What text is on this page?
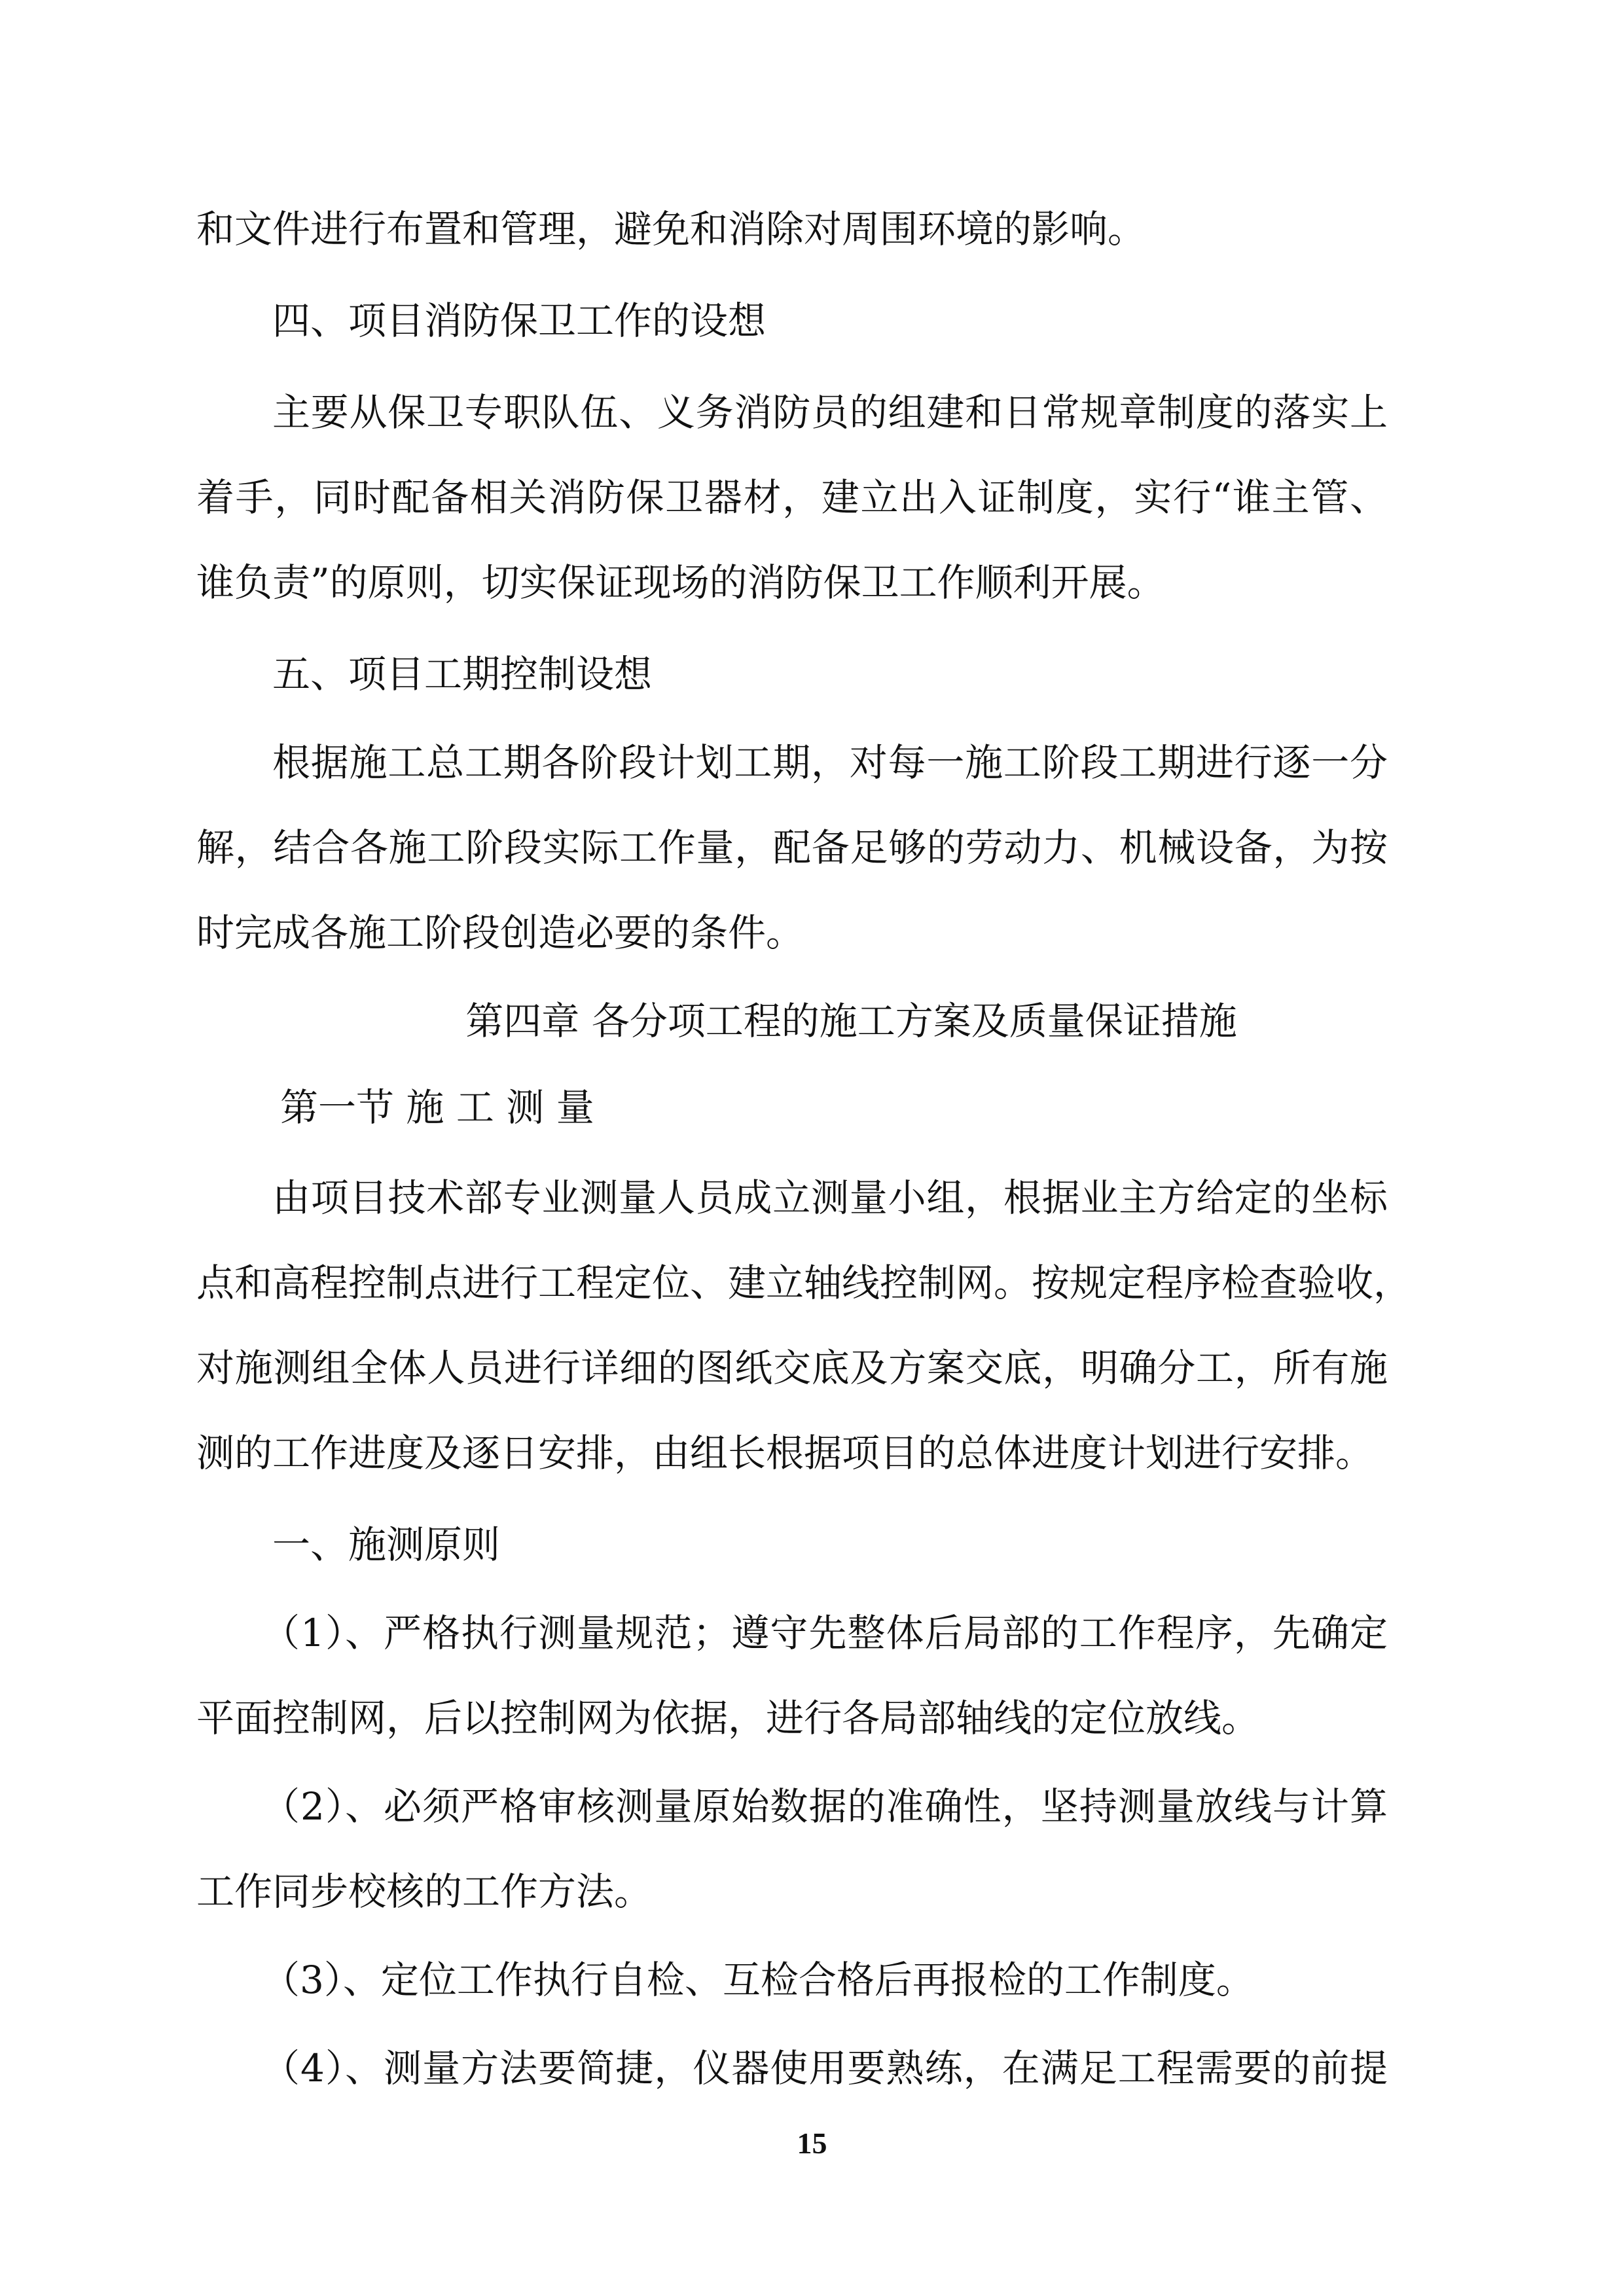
和文件进行布置和管理，避免和消除对周围环境的影响。
四、项目消防保卫工作的设想
主要从保卫专职队伍、义务消防员的组建和日常规章制度的落实上
着手，同时配备相关消防保卫器材，建立出入证制度，实行“谁主管、
谁负责”的原则，切实保证现场的消防保卫工作顺利开展。
五、项目工期控制设想
根据施工总工期各阶段计划工期，对每一施工阶段工期进行逐一分
解，结合各施工阶段实际工作量，配备足够的劳动力、机械设备，为按
时完成各施工阶段创造必要的条件。
第四章 各分项工程的施工方案及质量保证措施
第一节 施 工 测 量
由项目技术部专业测量人员成立测量小组，根据业主方给定的坐标
点和高程控制点进行工程定位、建立轴线控制网。按规定程序检查验收，
对施测组全体人员进行详细的图纸交底及方案交底，明确分工，所有施
测的工作进度及逐日安排，由组长根据项目的总体进度计划进行安排。
一、施测原则
（1）、严格执行测量规范；遵守先整体后局部的工作程序，先确定
平面控制网，后以控制网为依据，进行各局部轴线的定位放线。
（2）、必须严格审核测量原始数据的准确性，坚持测量放线与计算
工作同步校核的工作方法。
（3）、定位工作执行自检、互检合格后再报检的工作制度。
（4）、测量方法要简捷，仪器使用要熟练，在满足工程需要的前提
15
